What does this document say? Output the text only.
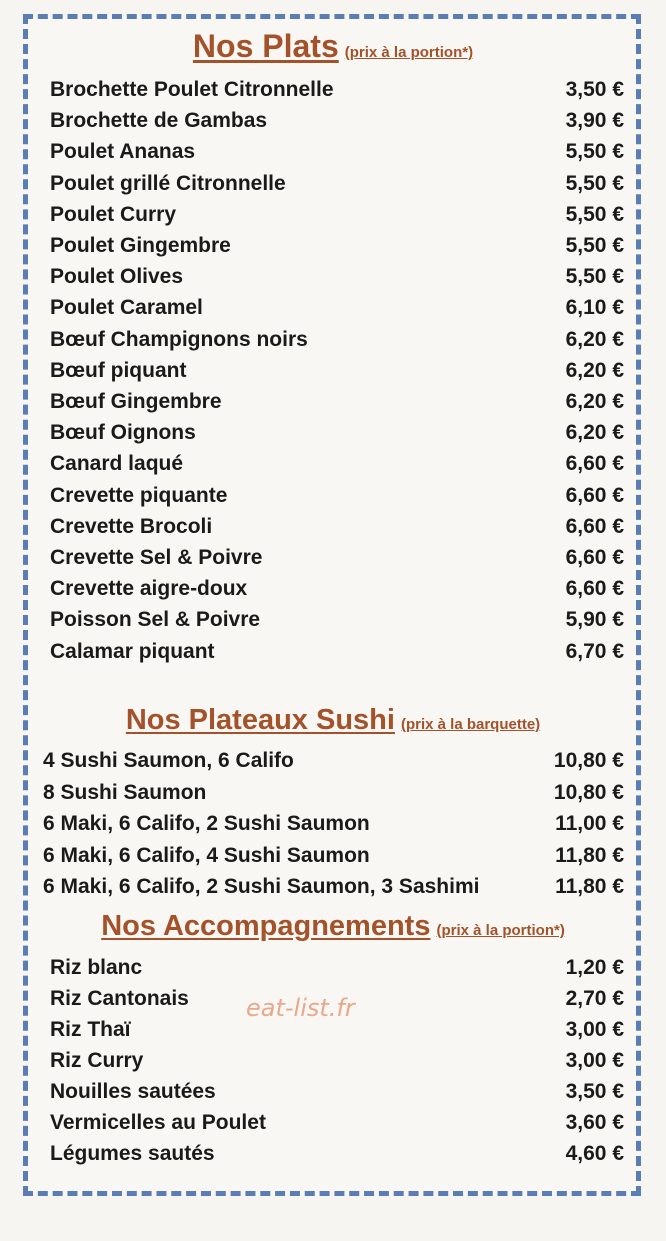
Nos Plats (prix à la portion*)
Brochette Poulet Citronnelle	3,50 €
Brochette de Gambas	3,90 €
Poulet Ananas	5,50 €
Poulet grillé Citronnelle	5,50 €
Poulet Curry	5,50 €
Poulet Gingembre	5,50 €
Poulet Olives	5,50 €
Poulet Caramel	6,10 €
Bœuf Champignons noirs	6,20 €
Bœuf piquant	6,20 €
Bœuf Gingembre	6,20 €
Bœuf Oignons	6,20 €
Canard laqué	6,60 €
Crevette piquante	6,60 €
Crevette Brocoli	6,60 €
Crevette Sel & Poivre	6,60 €
Crevette aigre-doux	6,60 €
Poisson Sel & Poivre	5,90 €
Calamar piquant	6,70 €
Nos Plateaux Sushi (prix à la barquette)
4 Sushi Saumon, 6 Califo	10,80 €
8 Sushi Saumon	10,80 €
6 Maki, 6 Califo, 2 Sushi Saumon	11,00 €
6 Maki, 6 Califo, 4 Sushi Saumon	11,80 €
6 Maki, 6 Califo, 2 Sushi Saumon, 3 Sashimi	11,80 €
Nos Accompagnements (prix à la portion*)
Riz blanc	1,20 €
Riz Cantonais	2,70 €
Riz Thaï	3,00 €
Riz Curry	3,00 €
Nouilles sautées	3,50 €
Vermicelles au Poulet	3,60 €
Légumes sautés	4,60 €
eat-list.fr
